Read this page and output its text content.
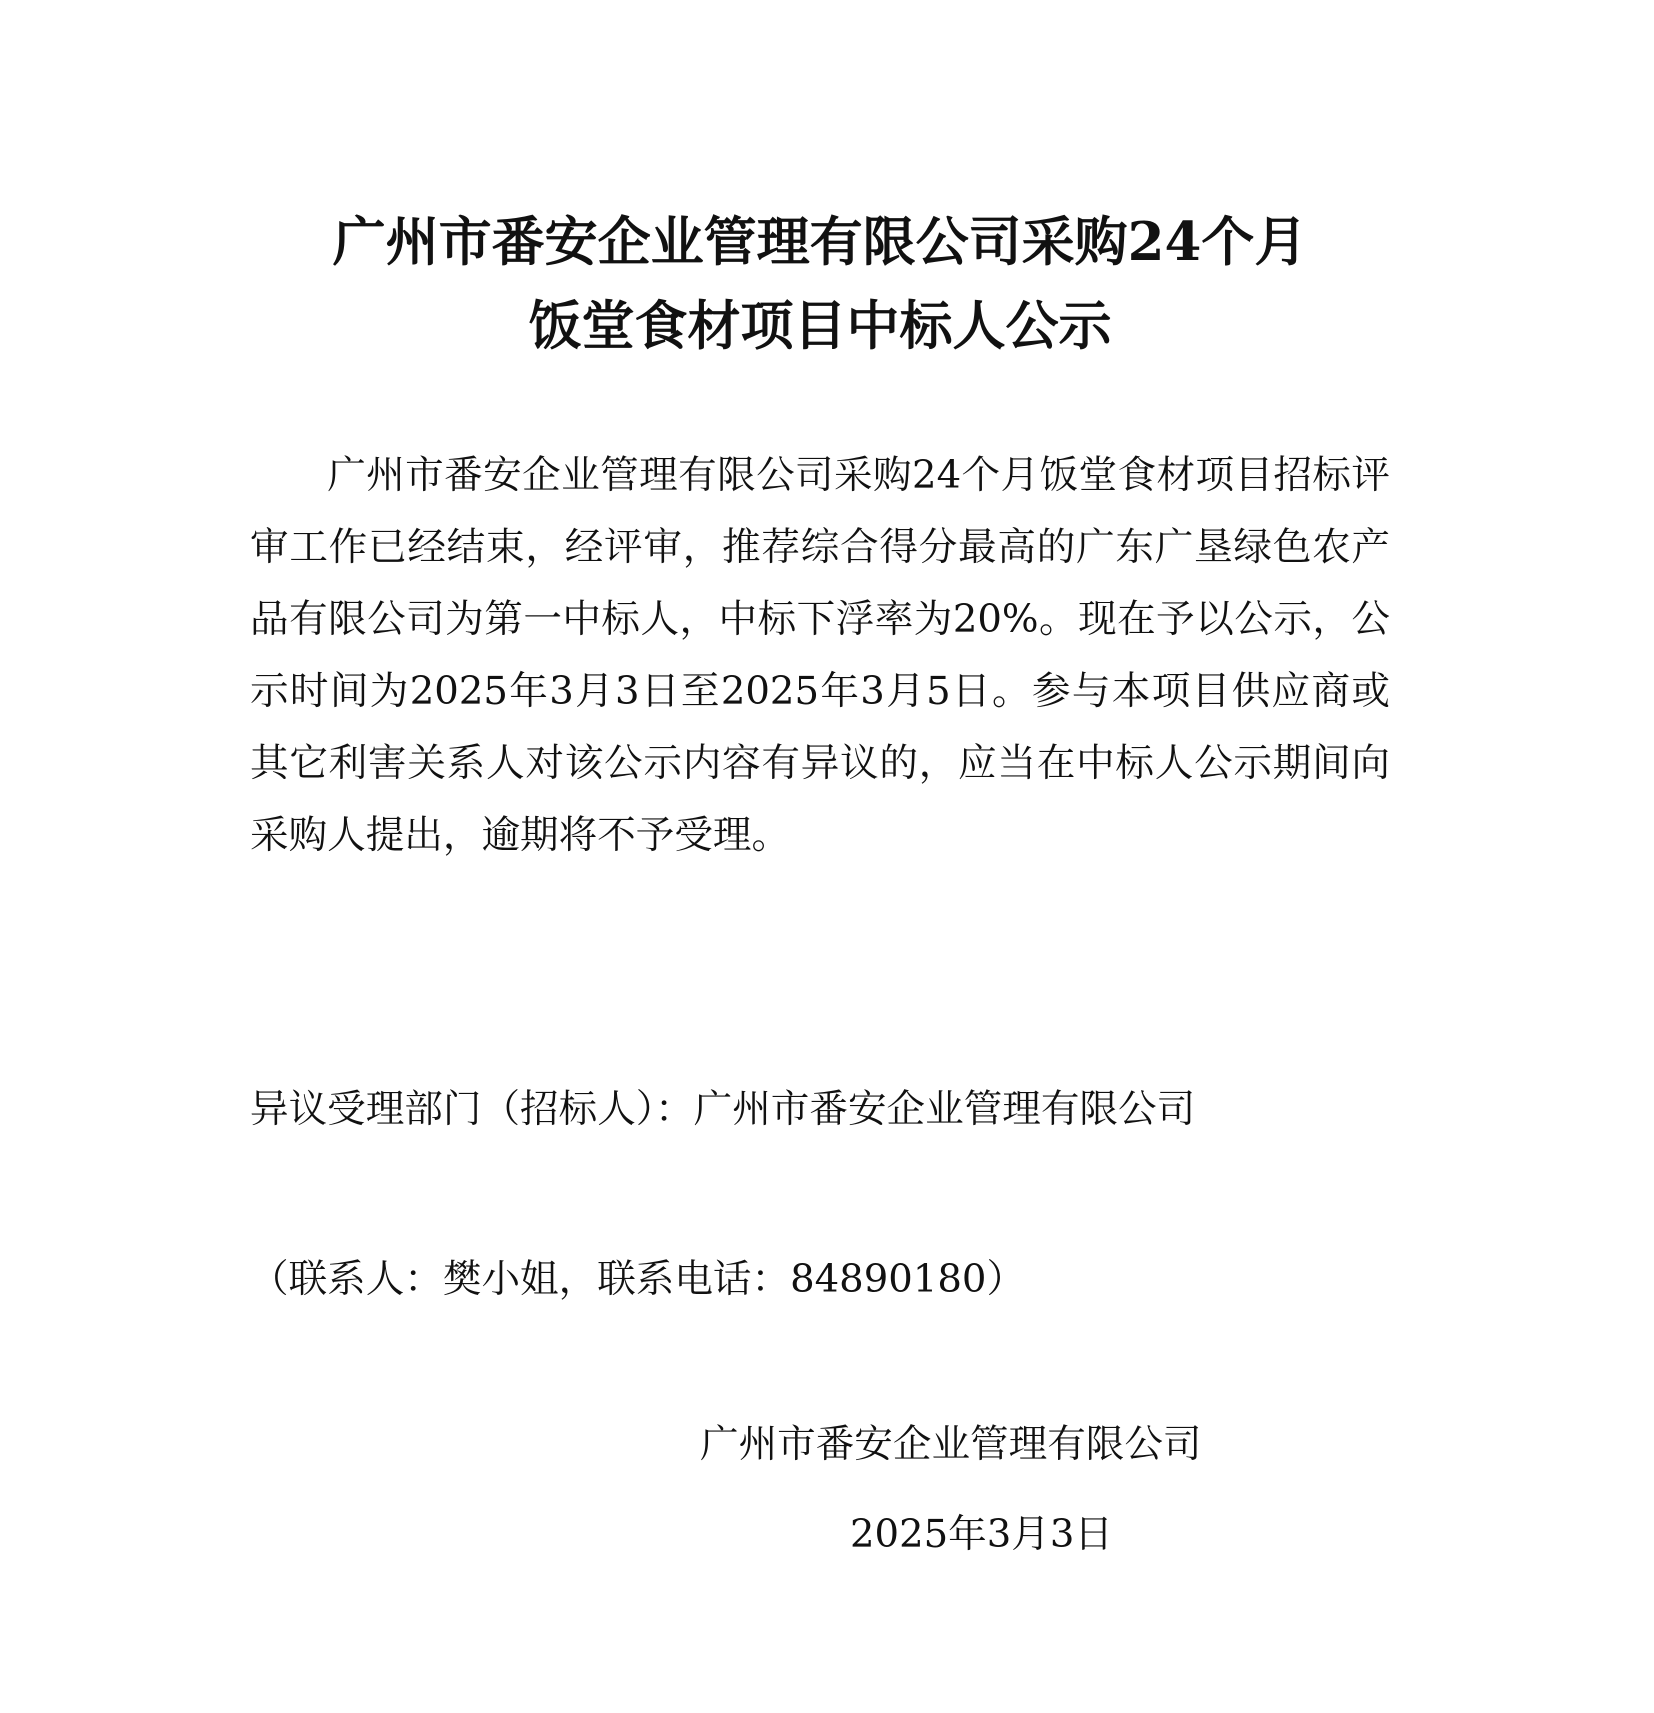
广州市番安企业管理有限公司采购24个月
饭堂食材项目中标人公示

广州市番安企业管理有限公司采购24个月饭堂食材项目招标评审工作已经结束，经评审，推荐综合得分最高的广东广垦绿色农产品有限公司为第一中标人，中标下浮率为20%。现在予以公示，公示时间为2025年3月3日至2025年3月5日。参与本项目供应商或其它利害关系人对该公示内容有异议的，应当在中标人公示期间向采购人提出，逾期将不予受理。

异议受理部门（招标人）：广州市番安企业管理有限公司

（联系人：樊小姐，联系电话：84890180）

广州市番安企业管理有限公司

2025年3月3日
